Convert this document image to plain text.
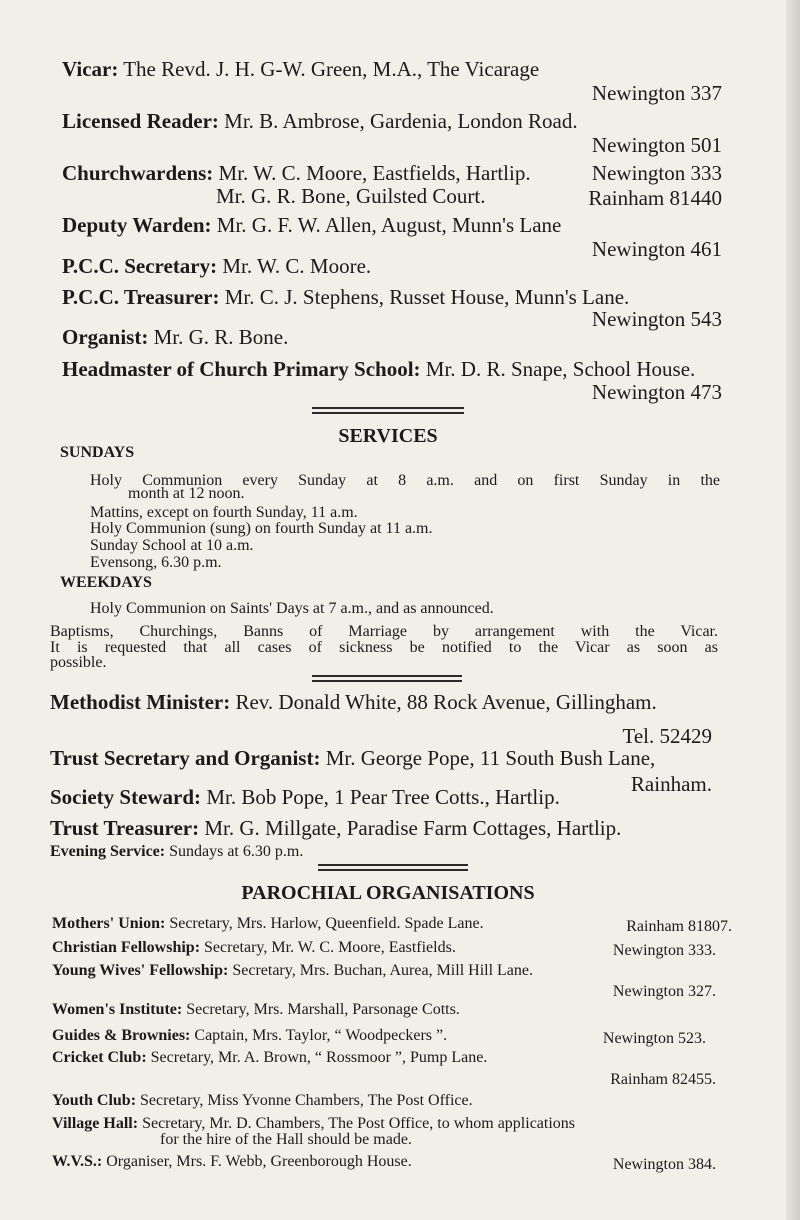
Vicar: The Revd. J. H. G-W. Green, M.A., The Vicarage
Newington 337
Licensed Reader: Mr. B. Ambrose, Gardenia, London Road.
Newington 501
Churchwardens: Mr. W. C. Moore, Eastfields, Hartlip.	Newington 333
Mr. G. R. Bone, Guilsted Court.	Rainham 81440
Deputy Warden: Mr. G. F. W. Allen, August, Munn's Lane
Newington 461
P.C.C. Secretary: Mr. W. C. Moore.
P.C.C. Treasurer: Mr. C. J. Stephens, Russet House, Munn's Lane.
Newington 543
Organist: Mr. G. R. Bone.
Headmaster of Church Primary School: Mr. D. R. Snape, School House.
Newington 473
SERVICES
SUNDAYS
Holy Communion every Sunday at 8 a.m. and on first Sunday in the
month at 12 noon.
Mattins, except on fourth Sunday, 11 a.m.
Holy Communion (sung) on fourth Sunday at 11 a.m.
Sunday School at 10 a.m.
Evensong, 6.30 p.m.
WEEKDAYS
Holy Communion on Saints' Days at 7 a.m., and as announced.
Baptisms, Churchings, Banns of Marriage by arrangement with the Vicar.
It is requested that all cases of sickness be notified to the Vicar as soon as
possible.
Methodist Minister: Rev. Donald White, 88 Rock Avenue, Gillingham.
Tel. 52429
Trust Secretary and Organist: Mr. George Pope, 11 South Bush Lane,
Rainham.
Society Steward: Mr. Bob Pope, 1 Pear Tree Cotts., Hartlip.
Trust Treasurer: Mr. G. Millgate, Paradise Farm Cottages, Hartlip.
Evening Service: Sundays at 6.30 p.m.
PAROCHIAL ORGANISATIONS
Mothers' Union: Secretary, Mrs. Harlow, Queenfield. Spade Lane.	Rainham 81807.
Christian Fellowship: Secretary, Mr. W. C. Moore, Eastfields.	Newington 333.
Young Wives' Fellowship: Secretary, Mrs. Buchan, Aurea, Mill Hill Lane.
Newington 327.
Women's Institute: Secretary, Mrs. Marshall, Parsonage Cotts.
Guides & Brownies: Captain, Mrs. Taylor, “ Woodpeckers ”.	Newington 523.
Cricket Club: Secretary, Mr. A. Brown, “ Rossmoor ”, Pump Lane.
Rainham 82455.
Youth Club: Secretary, Miss Yvonne Chambers, The Post Office.
Village Hall: Secretary, Mr. D. Chambers, The Post Office, to whom applications
for the hire of the Hall should be made.
W.V.S.: Organiser, Mrs. F. Webb, Greenborough House.	Newington 384.
